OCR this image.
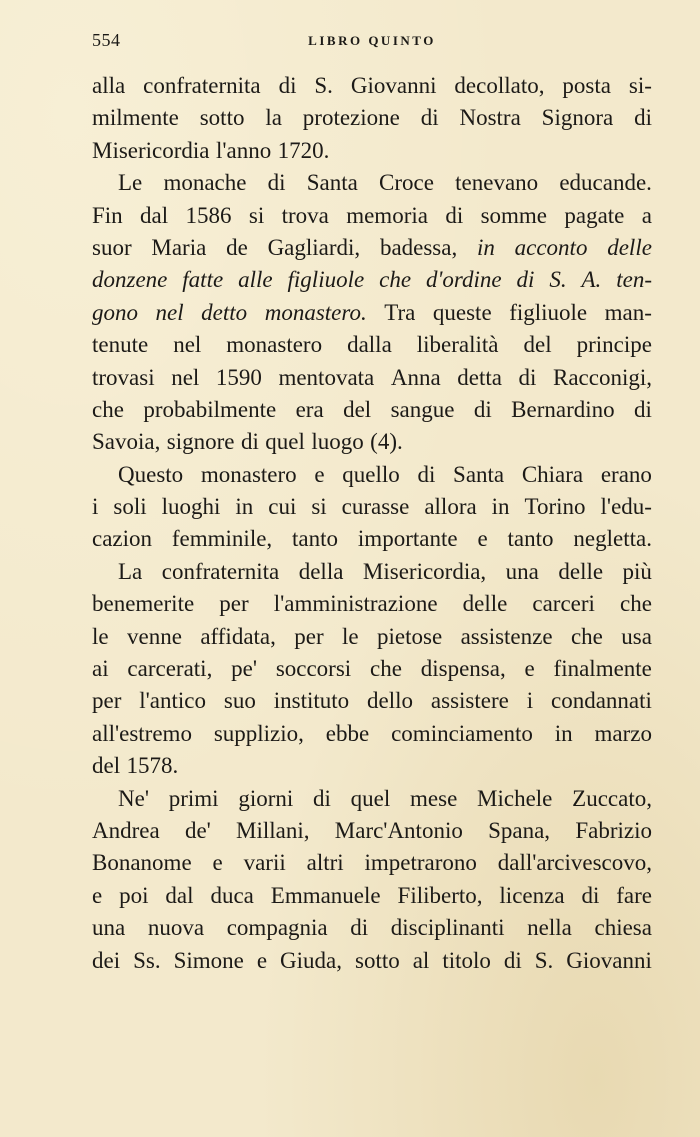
554	LIBRO QUINTO
alla confraternita di S. Giovanni decollato, posta si-
milmente sotto la protezione di Nostra Signora di
Misericordia l'anno 1720.
Le monache di Santa Croce tenevano educande.
Fin dal 1586 si trova memoria di somme pagate a
suor Maria de Gagliardi, badessa, in acconto delle
donzene fatte alle figliuole che d'ordine di S. A. ten-
gono nel detto monastero. Tra queste figliuole man-
tenute nel monastero dalla liberalità del principe
trovasi nel 1590 mentovata Anna detta di Racconigi,
che probabilmente era del sangue di Bernardino di
Savoia, signore di quel luogo (4).
Questo monastero e quello di Santa Chiara erano
i soli luoghi in cui si curasse allora in Torino l'edu-
cazion femminile, tanto importante e tanto negletta.
La confraternita della Misericordia, una delle più
benemerite per l'amministrazione delle carceri che
le venne affidata, per le pietose assistenze che usa
ai carcerati, pe' soccorsi che dispensa, e finalmente
per l'antico suo instituto dello assistere i condannati
all'estremo supplizio, ebbe cominciamento in marzo
del 1578.
Ne' primi giorni di quel mese Michele Zuccato,
Andrea de' Millani, Marc'Antonio Spana, Fabrizio
Bonanome e varii altri impetrarono dall'arcivescovo,
e poi dal duca Emmanuele Filiberto, licenza di fare
una nuova compagnia di disciplinanti nella chiesa
dei Ss. Simone e Giuda, sotto al titolo di S. Giovanni
